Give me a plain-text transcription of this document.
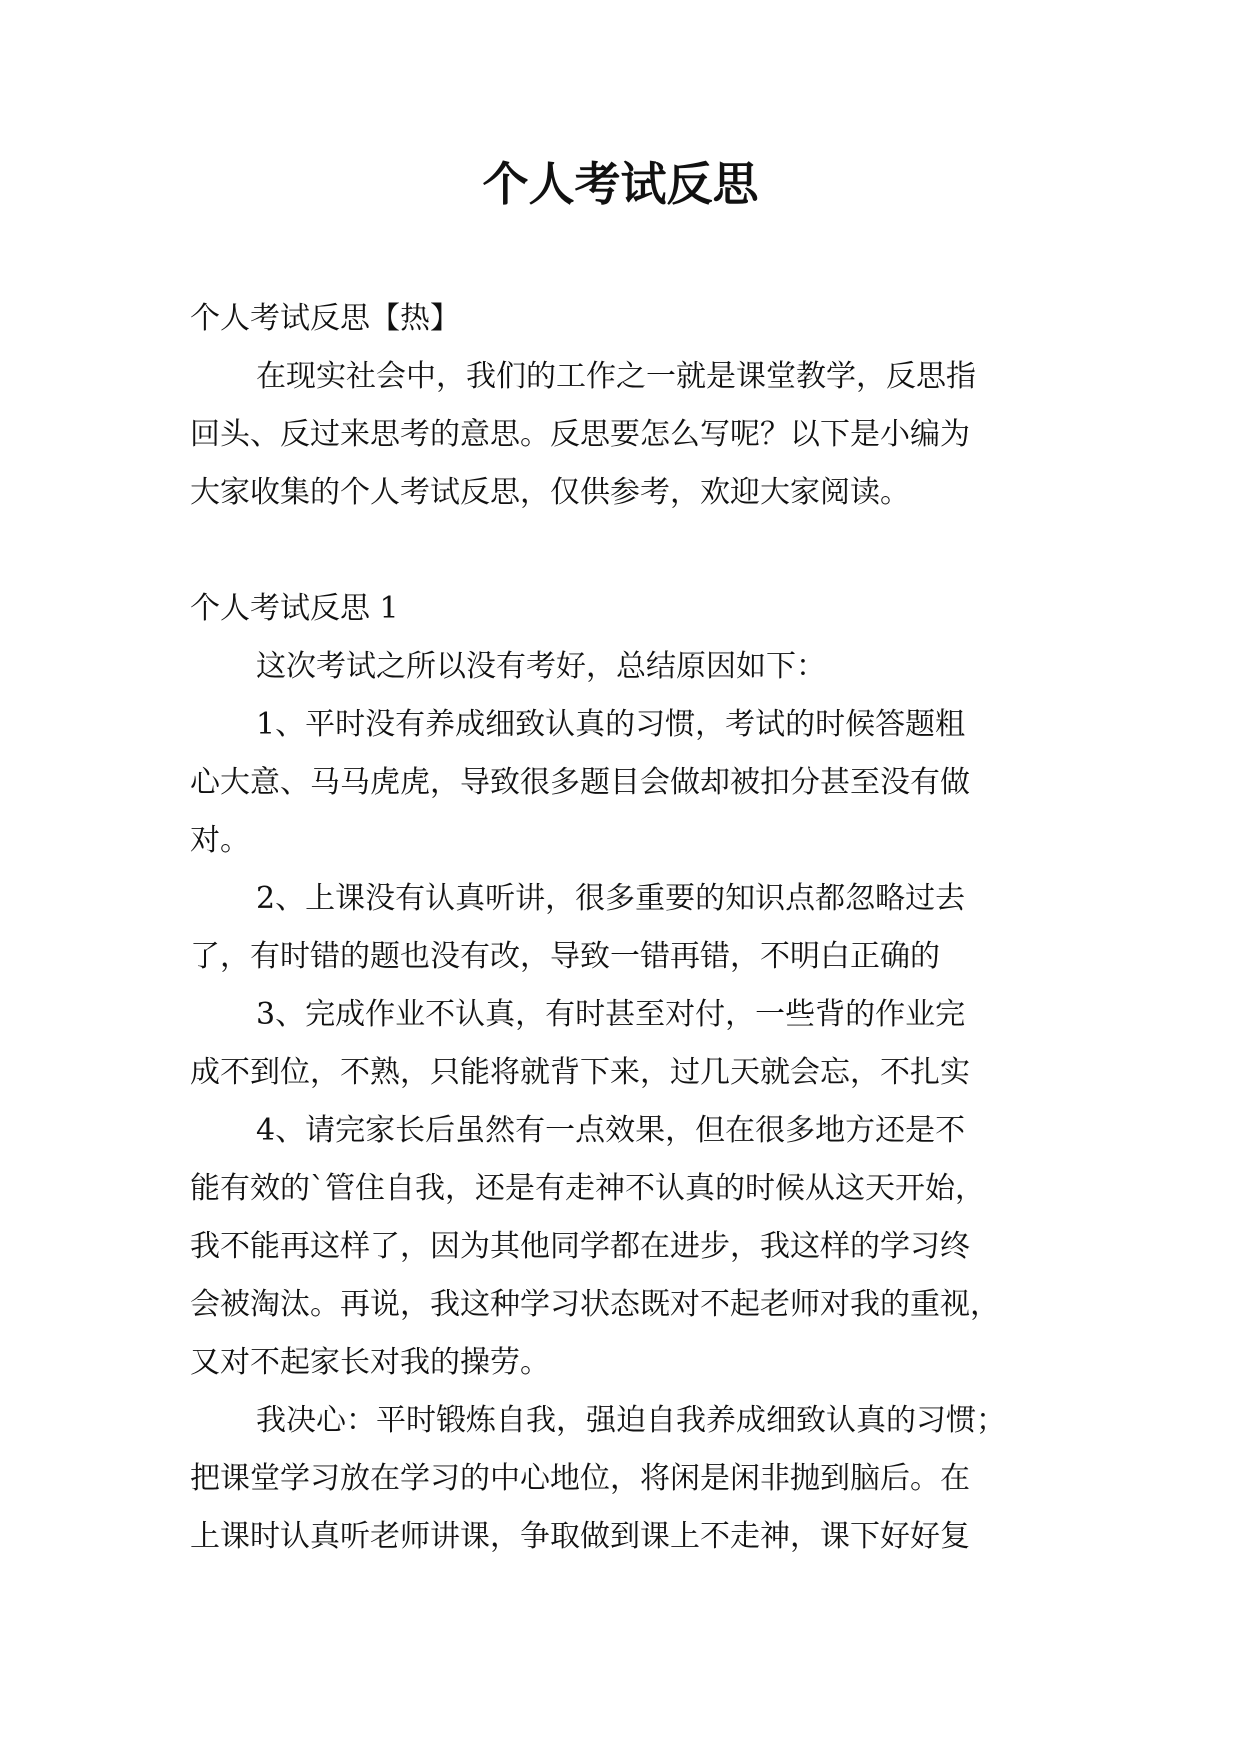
个人考试反思
个人考试反思【热】
在现实社会中，我们的工作之一就是课堂教学，反思指
回头、反过来思考的意思。反思要怎么写呢？以下是小编为
大家收集的个人考试反思，仅供参考，欢迎大家阅读。
个人考试反思 1
这次考试之所以没有考好，总结原因如下：
1、平时没有养成细致认真的习惯，考试的时候答题粗
心大意、马马虎虎，导致很多题目会做却被扣分甚至没有做
对。
2、上课没有认真听讲，很多重要的知识点都忽略过去
了，有时错的题也没有改，导致一错再错，不明白正确的
3、完成作业不认真，有时甚至对付，一些背的作业完
成不到位，不熟，只能将就背下来，过几天就会忘，不扎实
4、请完家长后虽然有一点效果，但在很多地方还是不
能有效的`管住自我，还是有走神不认真的时候从这天开始，
我不能再这样了，因为其他同学都在进步，我这样的学习终
会被淘汰。再说，我这种学习状态既对不起老师对我的重视，
又对不起家长对我的操劳。
我决心：平时锻炼自我，强迫自我养成细致认真的习惯；
把课堂学习放在学习的中心地位，将闲是闲非抛到脑后。在
上课时认真听老师讲课，争取做到课上不走神，课下好好复
